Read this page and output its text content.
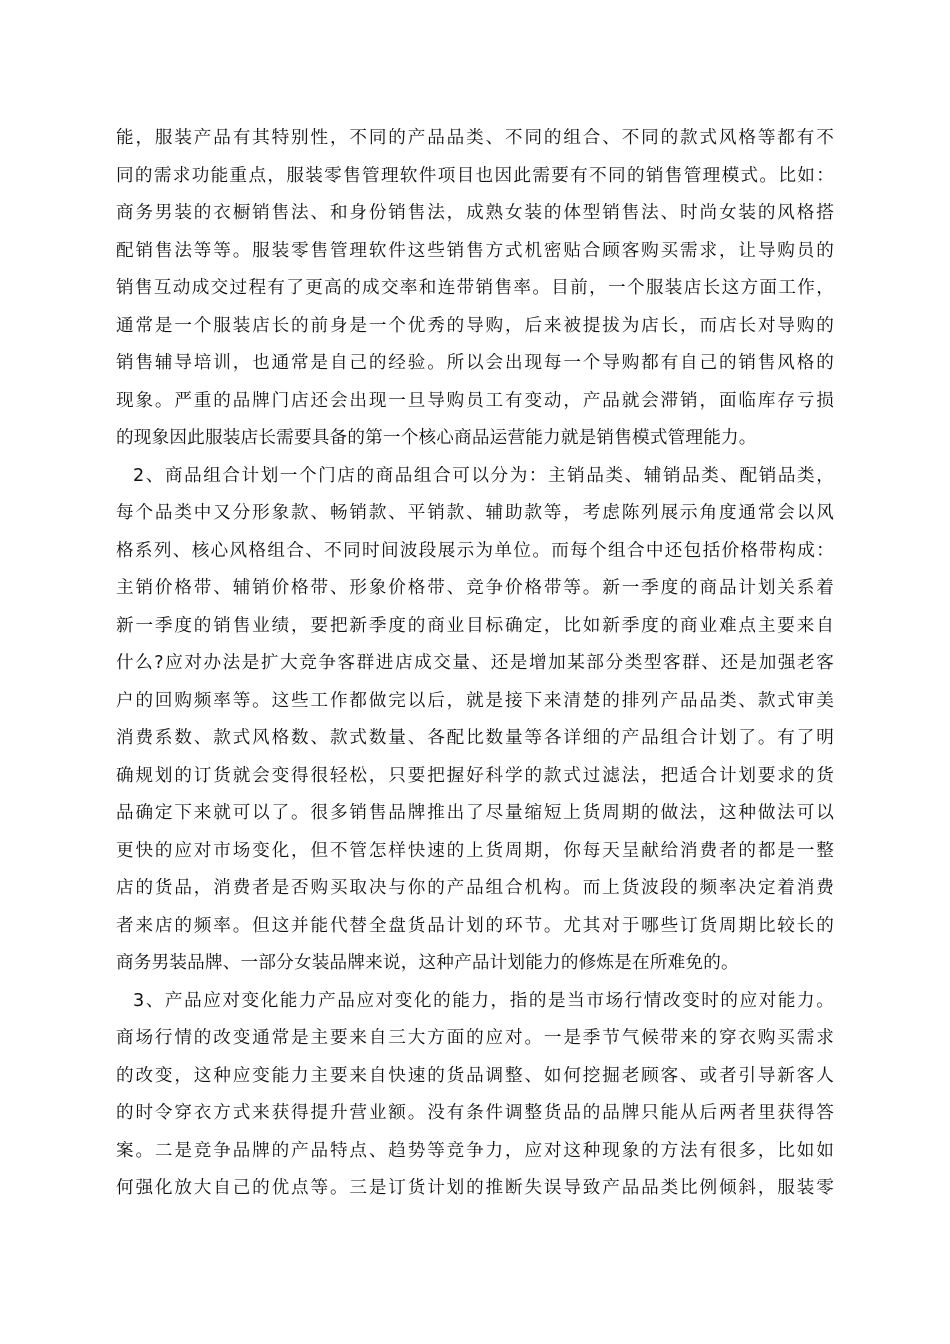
能，服装产品有其特别性，不同的产品品类、不同的组合、不同的款式风格等都有不
同的需求功能重点，服装零售管理软件项目也因此需要有不同的销售管理模式。比如：
商务男装的衣橱销售法、和身份销售法，成熟女装的体型销售法、时尚女装的风格搭
配销售法等等。服装零售管理软件这些销售方式机密贴合顾客购买需求，让导购员的
销售互动成交过程有了更高的成交率和连带销售率。目前，一个服装店长这方面工作，
通常是一个服装店长的前身是一个优秀的导购，后来被提拔为店长，而店长对导购的
销售辅导培训，也通常是自己的经验。所以会出现每一个导购都有自己的销售风格的
现象。严重的品牌门店还会出现一旦导购员工有变动，产品就会滞销，面临库存亏损
的现象因此服装店长需要具备的第一个核心商品运营能力就是销售模式管理能力。
2、商品组合计划一个门店的商品组合可以分为：主销品类、辅销品类、配销品类，
每个品类中又分形象款、畅销款、平销款、辅助款等，考虑陈列展示角度通常会以风
格系列、核心风格组合、不同时间波段展示为单位。而每个组合中还包括价格带构成：
主销价格带、辅销价格带、形象价格带、竞争价格带等。新一季度的商品计划关系着
新一季度的销售业绩，要把新季度的商业目标确定，比如新季度的商业难点主要来自
什么?应对办法是扩大竞争客群进店成交量、还是增加某部分类型客群、还是加强老客
户的回购频率等。这些工作都做完以后，就是接下来清楚的排列产品品类、款式审美
消费系数、款式风格数、款式数量、各配比数量等各详细的产品组合计划了。有了明
确规划的订货就会变得很轻松，只要把握好科学的款式过滤法，把适合计划要求的货
品确定下来就可以了。很多销售品牌推出了尽量缩短上货周期的做法，这种做法可以
更快的应对市场变化，但不管怎样快速的上货周期，你每天呈献给消费者的都是一整
店的货品，消费者是否购买取决与你的产品组合机构。而上货波段的频率决定着消费
者来店的频率。但这并能代替全盘货品计划的环节。尤其对于哪些订货周期比较长的
商务男装品牌、一部分女装品牌来说，这种产品计划能力的修炼是在所难免的。
3、产品应对变化能力产品应对变化的能力，指的是当市场行情改变时的应对能力。
商场行情的改变通常是主要来自三大方面的应对。一是季节气候带来的穿衣购买需求
的改变，这种应变能力主要来自快速的货品调整、如何挖掘老顾客、或者引导新客人
的时令穿衣方式来获得提升营业额。没有条件调整货品的品牌只能从后两者里获得答
案。二是竞争品牌的产品特点、趋势等竞争力，应对这种现象的方法有很多，比如如
何强化放大自己的优点等。三是订货计划的推断失误导致产品品类比例倾斜，服装零
